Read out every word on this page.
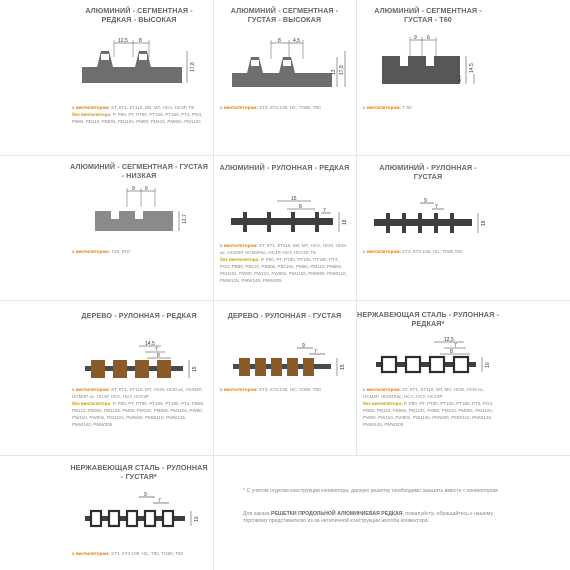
АЛЮМИНИЙ - СЕГМЕНТНАЯ -
РЕДКАЯ - ВЫСОКАЯ
12,5 8
17,8
с вентилятором: КТ, КТ1, КТ110, М0, МТ, НСА, НС4Р, ТЕ
без вентилятора: Р, Р80, РТ, РТ80, РТ105, РТ180, РТ4, РО4, РВ80, РВ110, РВ80s, РВ110s, РМ80, РМ110, РМ80s, РМ110s
АЛЮМИНИЙ - СЕГМЕНТНАЯ -
ГУСТАЯ - ВЫСОКАЯ
8 4,5
13 17,8
с вентилятором: КТ3, КТ3-105, НС, ТО80, Т80
АЛЮМИНИЙ - СЕГМЕНТНАЯ -
ГУСТАЯ - Т60
9 6
14,5
5,7
с вентилятором: Т 60
АЛЮМИНИЙ - СЕГМЕНТНАЯ - ГУСТАЯ
- НИЗКАЯ
9 6
12,7
с вентилятором: Т60, КТ0
АЛЮМИНИЙ - РУЛОННАЯ - РЕДКАЯ
15
8
7
18
с вентилятором: КТ, КТ1, КТ110, М0, МТ, НСА, НСМ, НСМ ас, НСМ4Р, НСМ4Рас, НС4Р, НСУ, НСУ4Р, ТЕ
без вентилятора: Р, Р80, РТ, РТ80, РТ105, РТ180, РТ4, РО4, РВ80, РВ110, РВ80s, РВ110s, РМ80, РМ110, РМ80s, РМ110s, РW80, РW110, РW80s, РW110s, РМW80, РМW110, РМW125, РМW140, РМW205
АЛЮМИНИЙ - РУЛОННАЯ -
ГУСТАЯ
9
7
18
с вентилятором: КТ3, КТ3-105, НС, ТО80,Т80
ДЕРЕВО - РУЛОННАЯ - РЕДКАЯ
14,5
7
8
15
с вентилятором: КТ, КТ1, КТ110, МТ, НСМ, НСМ ас, НСМ4Р, НСМ4Р ас, НС4Р, НСА, НСУ, НСУ4Р
без вентилятора: Р, Р80, РТ, РТ80, РТ105, РТ180, РТ4, РВ80, РВ110, РВ80s, РВ110s, РМ80, РМ110, РМ80s, РМ110s, РW80, РW110, РW80s, РW110s, РМW80, РМW110, РМW125, РМW140, РМW205
ДЕРЕВО - РУЛОННАЯ - ГУСТАЯ
9
7
15
с вентилятором: КТ3, КТ3-105, НС, ТО80, Т80
НЕРЖАВЕЮЩАЯ СТАЛЬ - РУЛОННАЯ -
РЕДКАЯ*
12,5
7
8
10
с вентилятором: КТ, КТ1, КТ110, МТ, М0, НСМ, НСМ ас, НСМ4Р, НСМ4Рас, НСА, НСУ, НСУ4Р
без вентилятора: Р, Р80, РТ, РТ80, РТ105, РТ180, РТ4, РО4, РВ80, РВ110, РВ80s, РВ110s, РМ80, РМ110, РМ80s, РМ110s, РW80, РW110, РW80s, РW110s, РМW80, РМW110, РМW125, РМW140, РМW205
НЕРЖАВЕЮЩАЯ СТАЛЬ - РУЛОННАЯ
- ГУСТАЯ*
9
7
10
с вентилятором: КТ3, КТ3-105, НС, Т80, ТО80, Т80
* С учетом отделки конструкции конвектора, данную решетку необходимо заказать вместе с конвектором.
Для заказа РЕШЕТКИ ПРОДОЛЬНОЙ АЛЮМИНИЕВАЯ РЕДКАЯ, пожалуйста, обращайтесь к нашему торговому представителю из-за нетипичной конструкции желоба конвектора.
